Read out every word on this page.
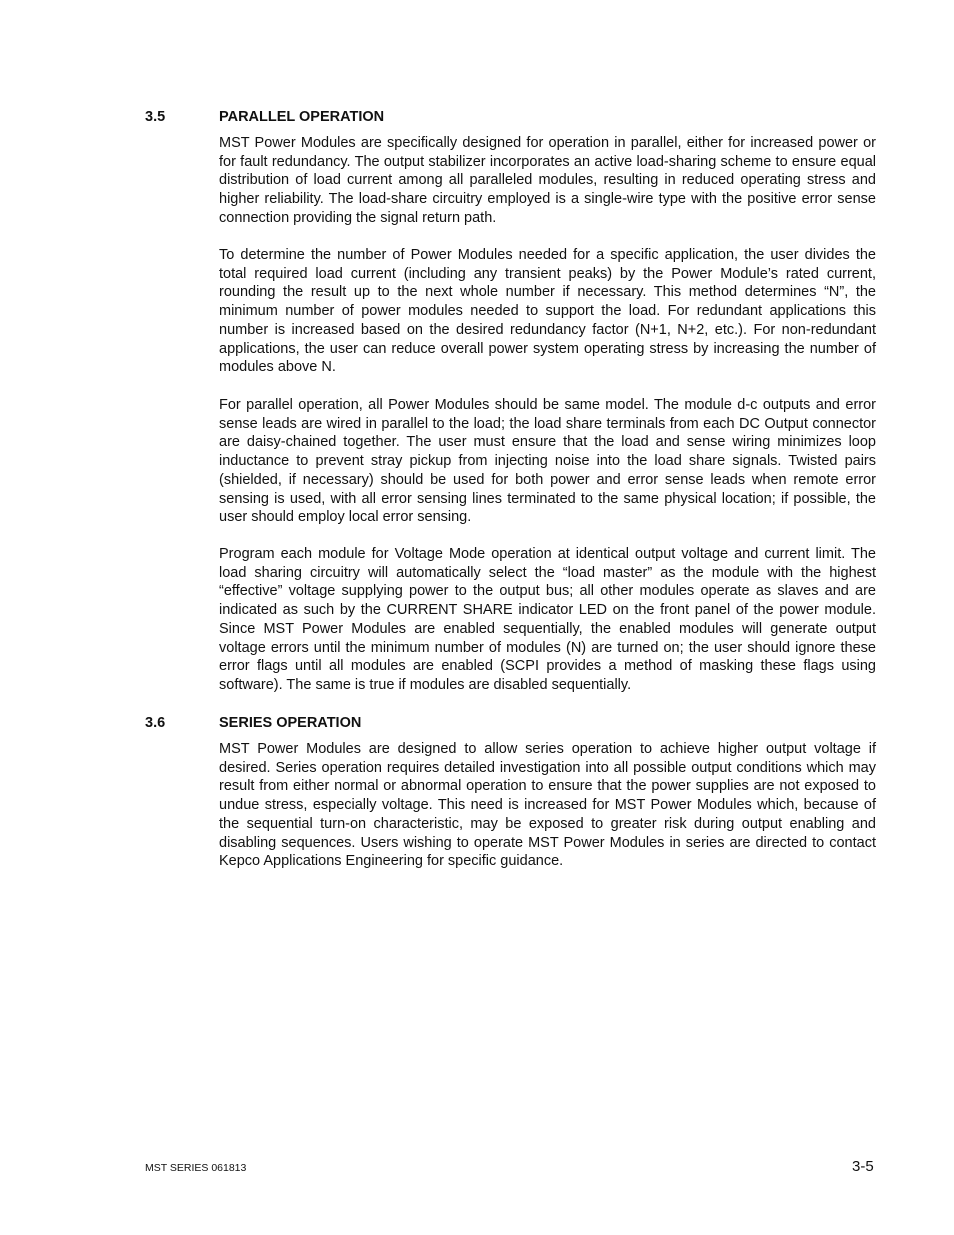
3.5	PARALLEL OPERATION

MST Power Modules are specifically designed for operation in parallel, either for increased power or for fault redundancy. The output stabilizer incorporates an active load-sharing scheme to ensure equal distribution of load current among all paralleled modules, resulting in reduced operating stress and higher reliability. The load-share circuitry employed is a single-wire type with the positive error sense connection providing the signal return path.

To determine the number of Power Modules needed for a specific application, the user divides the total required load current (including any transient peaks) by the Power Module’s rated current, rounding the result up to the next whole number if necessary. This method determines “N”, the minimum number of power modules needed to support the load. For redundant applications this number is increased based on the desired redundancy factor (N+1, N+2, etc.). For non-redundant applications, the user can reduce overall power system operating stress by increasing the number of modules above N.

For parallel operation, all Power Modules should be same model. The module d-c outputs and error sense leads are wired in parallel to the load; the load share terminals from each DC Output connector are daisy-chained together. The user must ensure that the load and sense wiring minimizes loop inductance to prevent stray pickup from injecting noise into the load share signals. Twisted pairs (shielded, if necessary) should be used for both power and error sense leads when remote error sensing is used, with all error sensing lines terminated to the same physical location; if possible, the user should employ local error sensing.

Program each module for Voltage Mode operation at identical output voltage and current limit. The load sharing circuitry will automatically select the “load master” as the module with the highest “effective” voltage supplying power to the output bus; all other modules operate as slaves and are indicated as such by the CURRENT SHARE indicator LED on the front panel of the power module. Since MST Power Modules are enabled sequentially, the enabled modules will generate output voltage errors until the minimum number of modules (N) are turned on; the user should ignore these error flags until all modules are enabled (SCPI provides a method of masking these flags using software). The same is true if modules are disabled sequentially.

3.6	SERIES OPERATION

MST Power Modules are designed to allow series operation to achieve higher output voltage if desired. Series operation requires detailed investigation into all possible output conditions which may result from either normal or abnormal operation to ensure that the power supplies are not exposed to undue stress, especially voltage. This need is increased for MST Power Modules which, because of the sequential turn-on characteristic, may be exposed to greater risk during output enabling and disabling sequences. Users wishing to operate MST Power Modules in series are directed to contact Kepco Applications Engineering for specific guidance.

MST SERIES 061813	3-5
